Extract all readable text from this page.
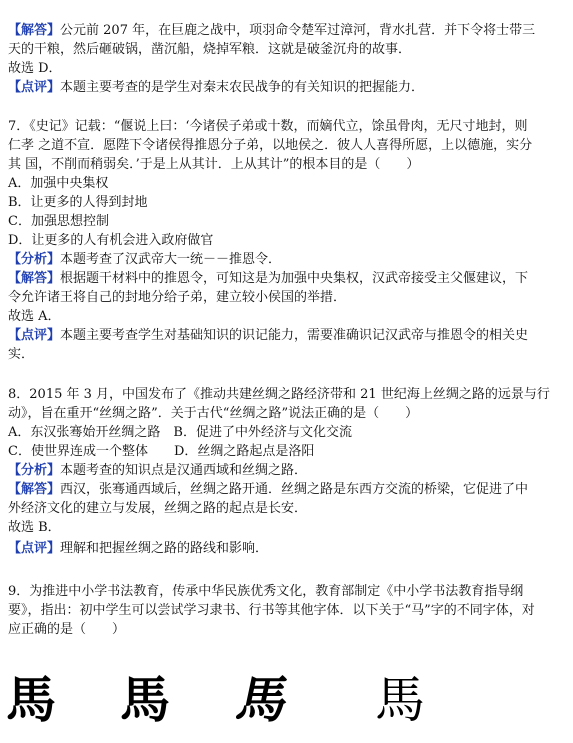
【解答】公元前 207 年，在巨鹿之战中，项羽命令楚军过漳河，背水扎营．并下令将士带三
天的干粮，然后砸破锅，凿沉船，烧掉军粮．这就是破釜沉舟的故事．
故选 D．
【点评】本题主要考查的是学生对秦末农民战争的有关知识的把握能力．
7．《史记》记载：“偃说上曰：‘今诸侯子弟或十数，而嫡代立，馀虽骨肉，无尺寸地封，则
仁孝 之道不宣．愿陛下令诸侯得推恩分子弟，以地侯之．彼人人喜得所愿，上以德施，实分
其 国，不削而稍弱矣．’于是上从其计．上从其计”的根本目的是（　　）
A．加强中央集权
B．让更多的人得到封地
C．加强思想控制
D．让更多的人有机会进入政府做官
【分析】本题考查了汉武帝大一统－－推恩令．
【解答】根据题干材料中的推恩令，可知这是为加强中央集权，汉武帝接受主父偃建议，下
令允许诸王将自己的封地分给子弟，建立较小侯国的举措．
故选 A．
【点评】本题主要考查学生对基础知识的识记能力，需要准确识记汉武帝与推恩令的相关史
实．
8．2015 年 3 月，中国发布了《推动共建丝绸之路经济带和 21 世纪海上丝绸之路的远景与行
动》，旨在重开“丝绸之路”．关于古代“丝绸之路”说法正确的是（　　）
A．东汉张骞始开丝绸之路　B．促进了中外经济与文化交流
C．使世界连成一个整体　　D．丝绸之路起点是洛阳
【分析】本题考查的知识点是汉通西域和丝绸之路．
【解答】西汉，张骞通西域后，丝绸之路开通．丝绸之路是东西方交流的桥梁，它促进了中
外经济文化的建立与发展，丝绸之路的起点是长安．
故选 B．
【点评】理解和把握丝绸之路的路线和影响．
9．为推进中小学书法教育，传承中华民族优秀文化，教育部制定《中小学书法教育指导纲
要》，指出：初中学生可以尝试学习隶书、行书等其他字体．以下关于“马”字的不同字体，对
应正确的是（　　）
馬 馬 馬 馬
